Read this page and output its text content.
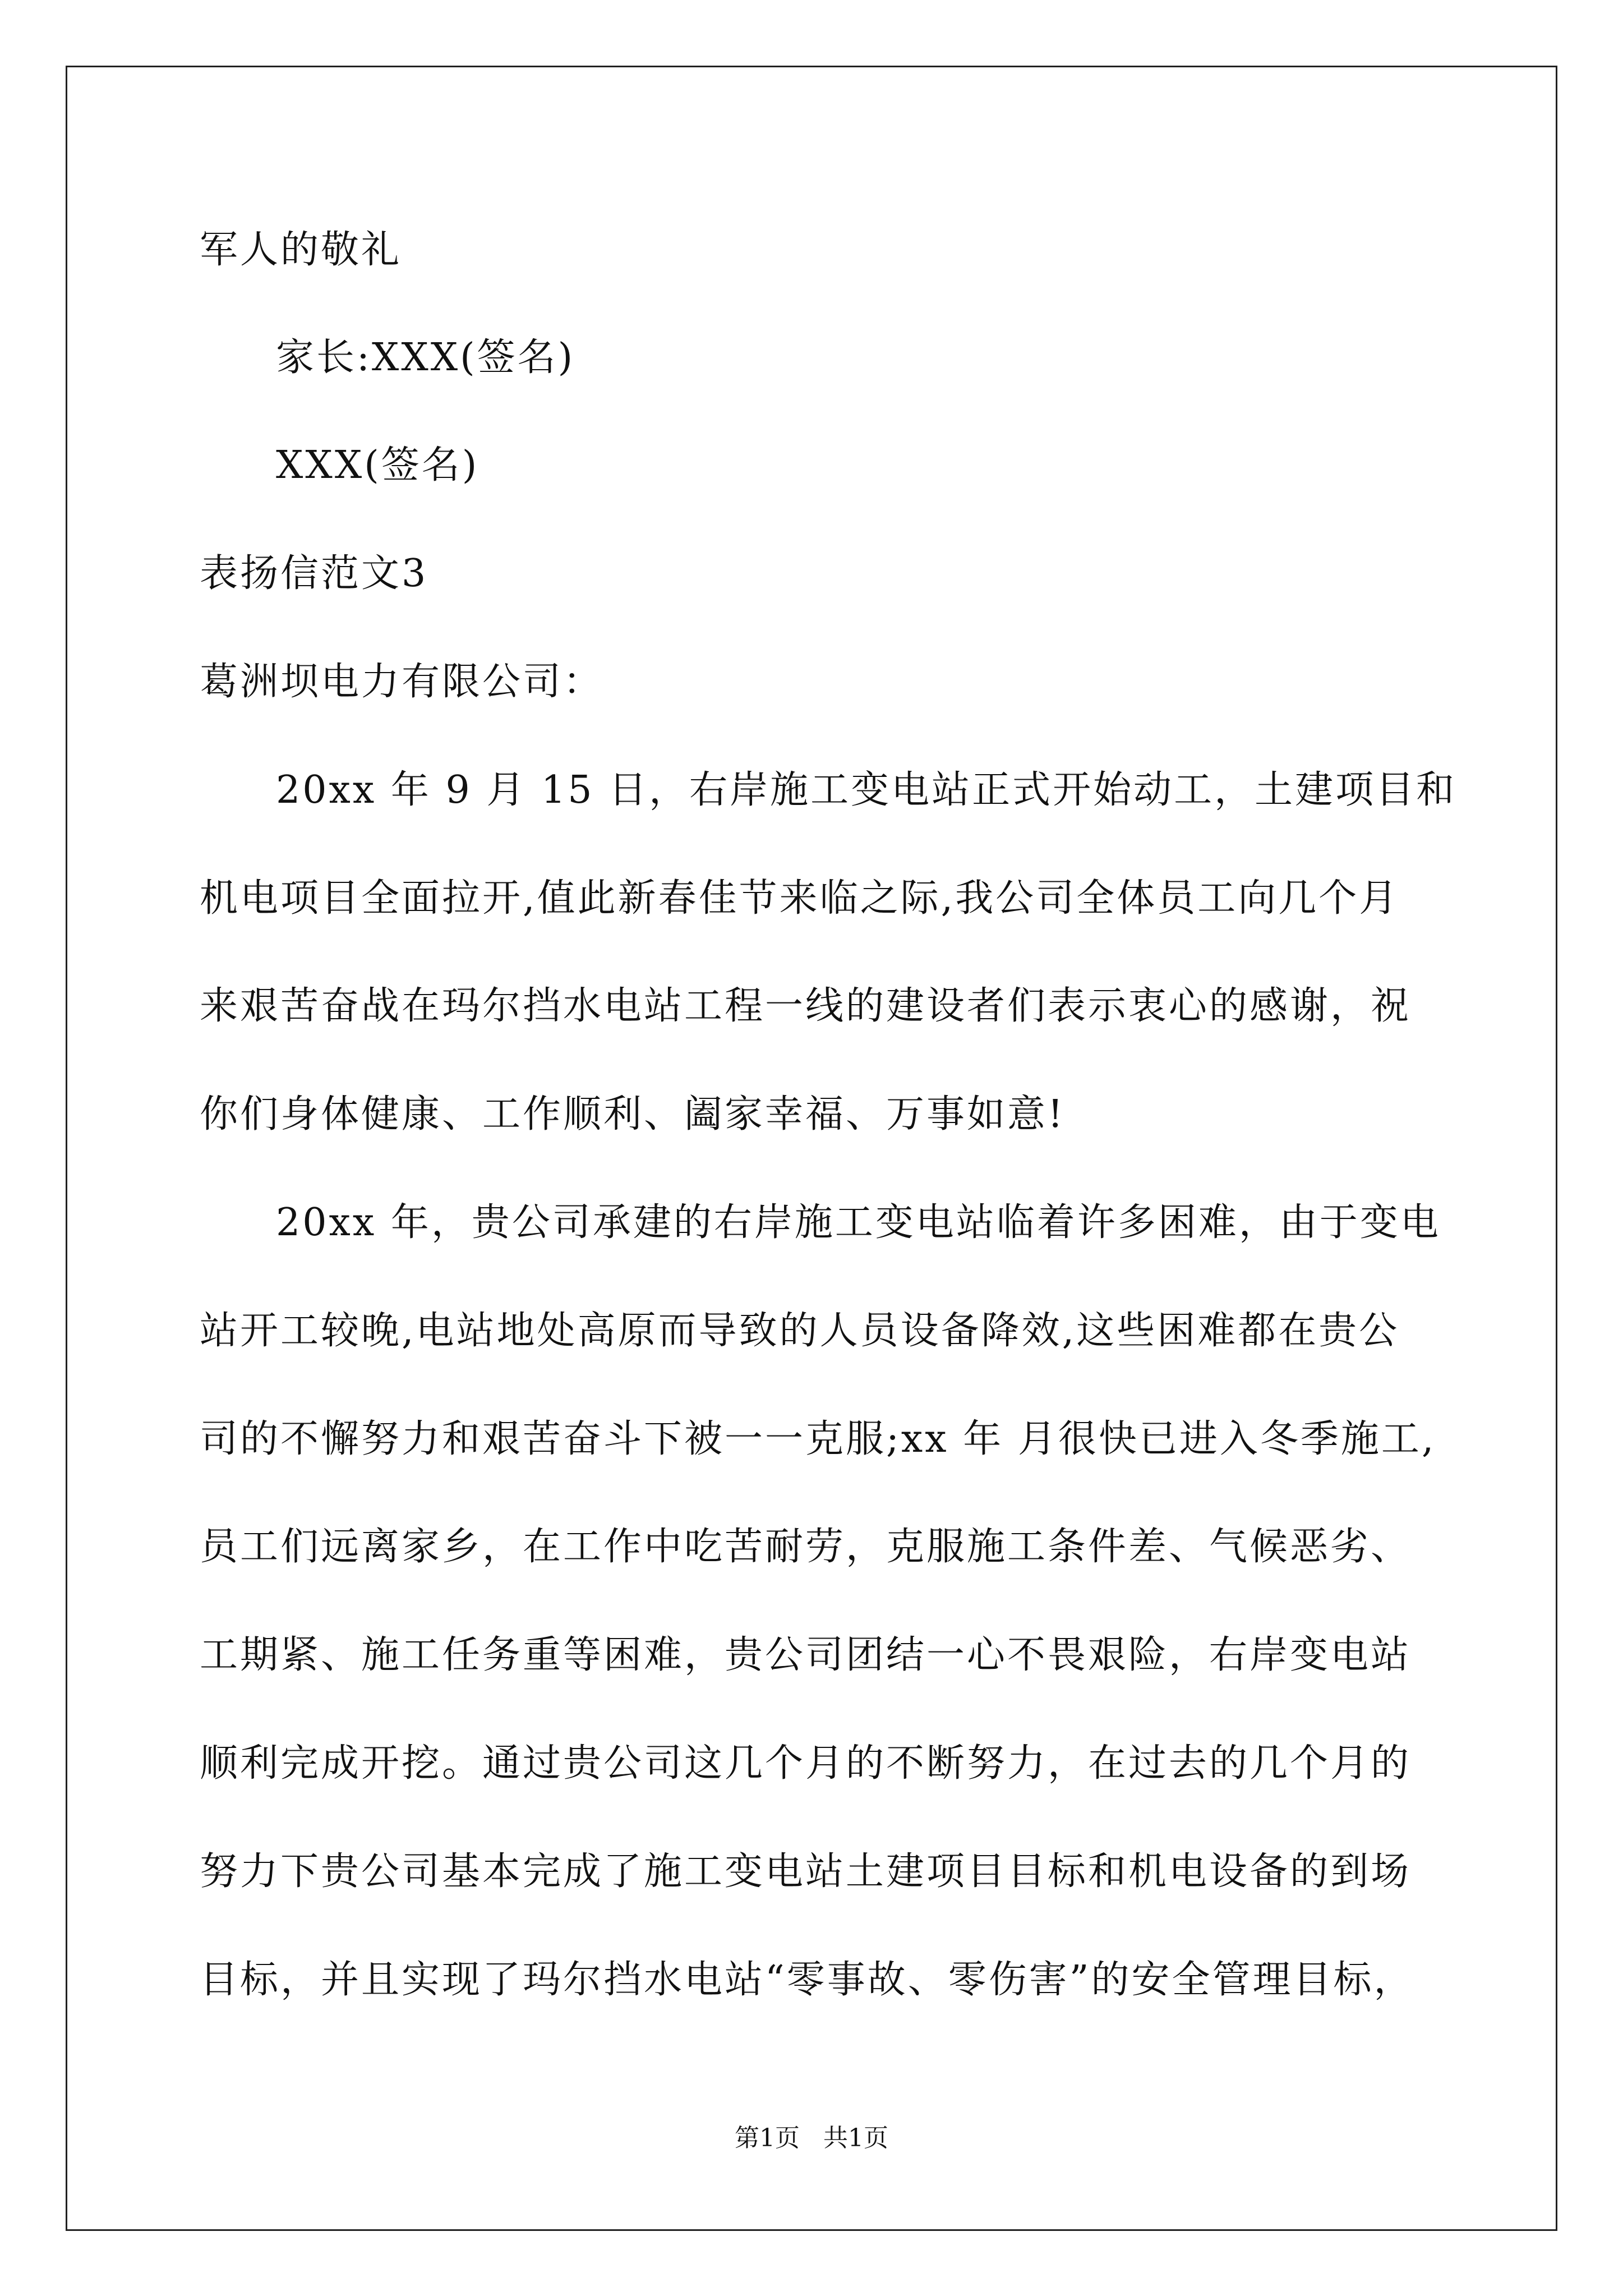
军人的敬礼
家长:XXX(签名)
XXX(签名)
表扬信范文3
葛洲坝电力有限公司：
20xx 年 9 月 15 日，右岸施工变电站正式开始动工，土建项目和
机电项目全面拉开,值此新春佳节来临之际,我公司全体员工向几个月
来艰苦奋战在玛尔挡水电站工程一线的建设者们表示衷心的感谢，祝
你们身体健康、工作顺利、阖家幸福、万事如意!
20xx 年，贵公司承建的右岸施工变电站临着许多困难，由于变电
站开工较晚,电站地处高原而导致的人员设备降效,这些困难都在贵公
司的不懈努力和艰苦奋斗下被一一克服;xx 年 月很快已进入冬季施工,
员工们远离家乡，在工作中吃苦耐劳，克服施工条件差、气候恶劣、
工期紧、施工任务重等困难，贵公司团结一心不畏艰险，右岸变电站
顺利完成开挖。通过贵公司这几个月的不断努力，在过去的几个月的
努力下贵公司基本完成了施工变电站土建项目目标和机电设备的到场
目标，并且实现了玛尔挡水电站“零事故、零伤害”的安全管理目标，
第1页   共1页
